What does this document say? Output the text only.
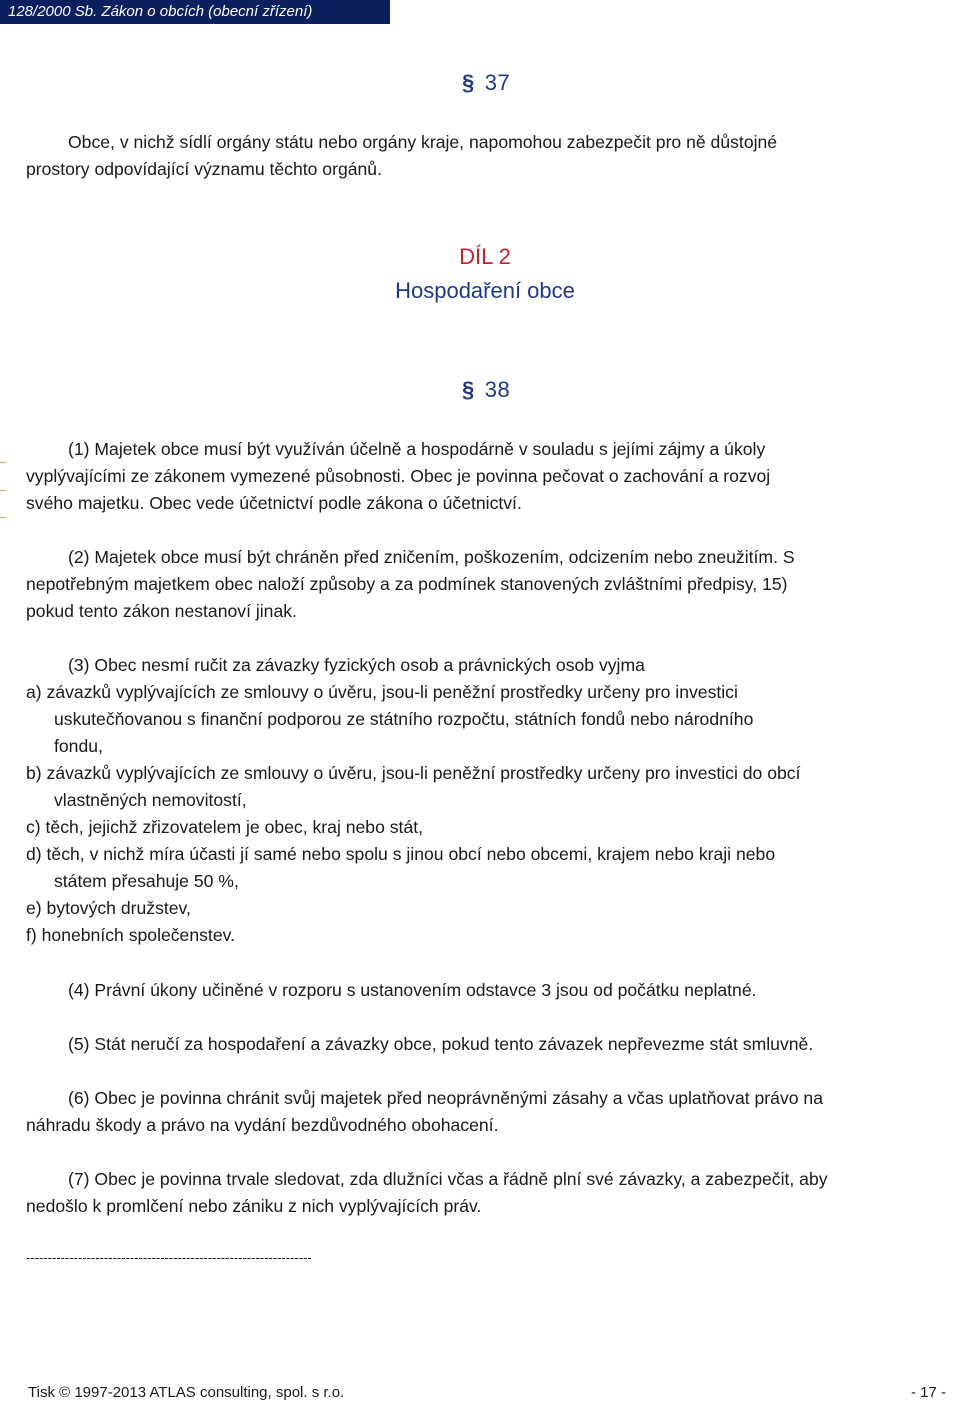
128/2000 Sb. Zákon o obcích (obecní zřízení)
§ 37

Obce, v nichž sídlí orgány státu nebo orgány kraje, napomohou zabezpečit pro ně důstojné
prostory odpovídající významu těchto orgánů.

DÍL 2
Hospodaření obce
§ 38

(1) Majetek obce musí být využíván účelně a hospodárně v souladu s jejími zájmy a úkoly
vyplývajícími ze zákonem vymezené působnosti. Obec je povinna pečovat o zachování a rozvoj
svého majetku. Obec vede účetnictví podle zákona o účetnictví.

(2) Majetek obce musí být chráněn před zničením, poškozením, odcizením nebo zneužitím. S
nepotřebným majetkem obec naloží způsoby a za podmínek stanovených zvláštními předpisy, 15)
pokud tento zákon nestanoví jinak.

(3) Obec nesmí ručit za závazky fyzických osob a právnických osob vyjma
a) závazků vyplývajících ze smlouvy o úvěru, jsou-li peněžní prostředky určeny pro investici
uskutečňovanou s finanční podporou ze státního rozpočtu, státních fondů nebo národního
fondu,
b) závazků vyplývajících ze smlouvy o úvěru, jsou-li peněžní prostředky určeny pro investici do obcí
vlastněných nemovitostí,
c) těch, jejichž zřizovatelem je obec, kraj nebo stát,
d) těch, v nichž míra účasti jí samé nebo spolu s jinou obcí nebo obcemi, krajem nebo kraji nebo
státem přesahuje 50 %,
e) bytových družstev,
f) honebních společenstev.

(4) Právní úkony učiněné v rozporu s ustanovením odstavce 3 jsou od počátku neplatné.

(5) Stát neručí za hospodaření a závazky obce, pokud tento závazek nepřevezme stát smluvně.

(6) Obec je povinna chránit svůj majetek před neoprávněnými zásahy a včas uplatňovat právo na
náhradu škody a právo na vydání bezdůvodného obohacení.

(7) Obec je povinna trvale sledovat, zda dlužníci včas a řádně plní své závazky, a zabezpečit, aby
nedošlo k promlčení nebo zániku z nich vyplývajících práv.

------------------------------------------------------------------
Tisk © 1997-2013 ATLAS consulting, spol. s r.o.	- 17 -
